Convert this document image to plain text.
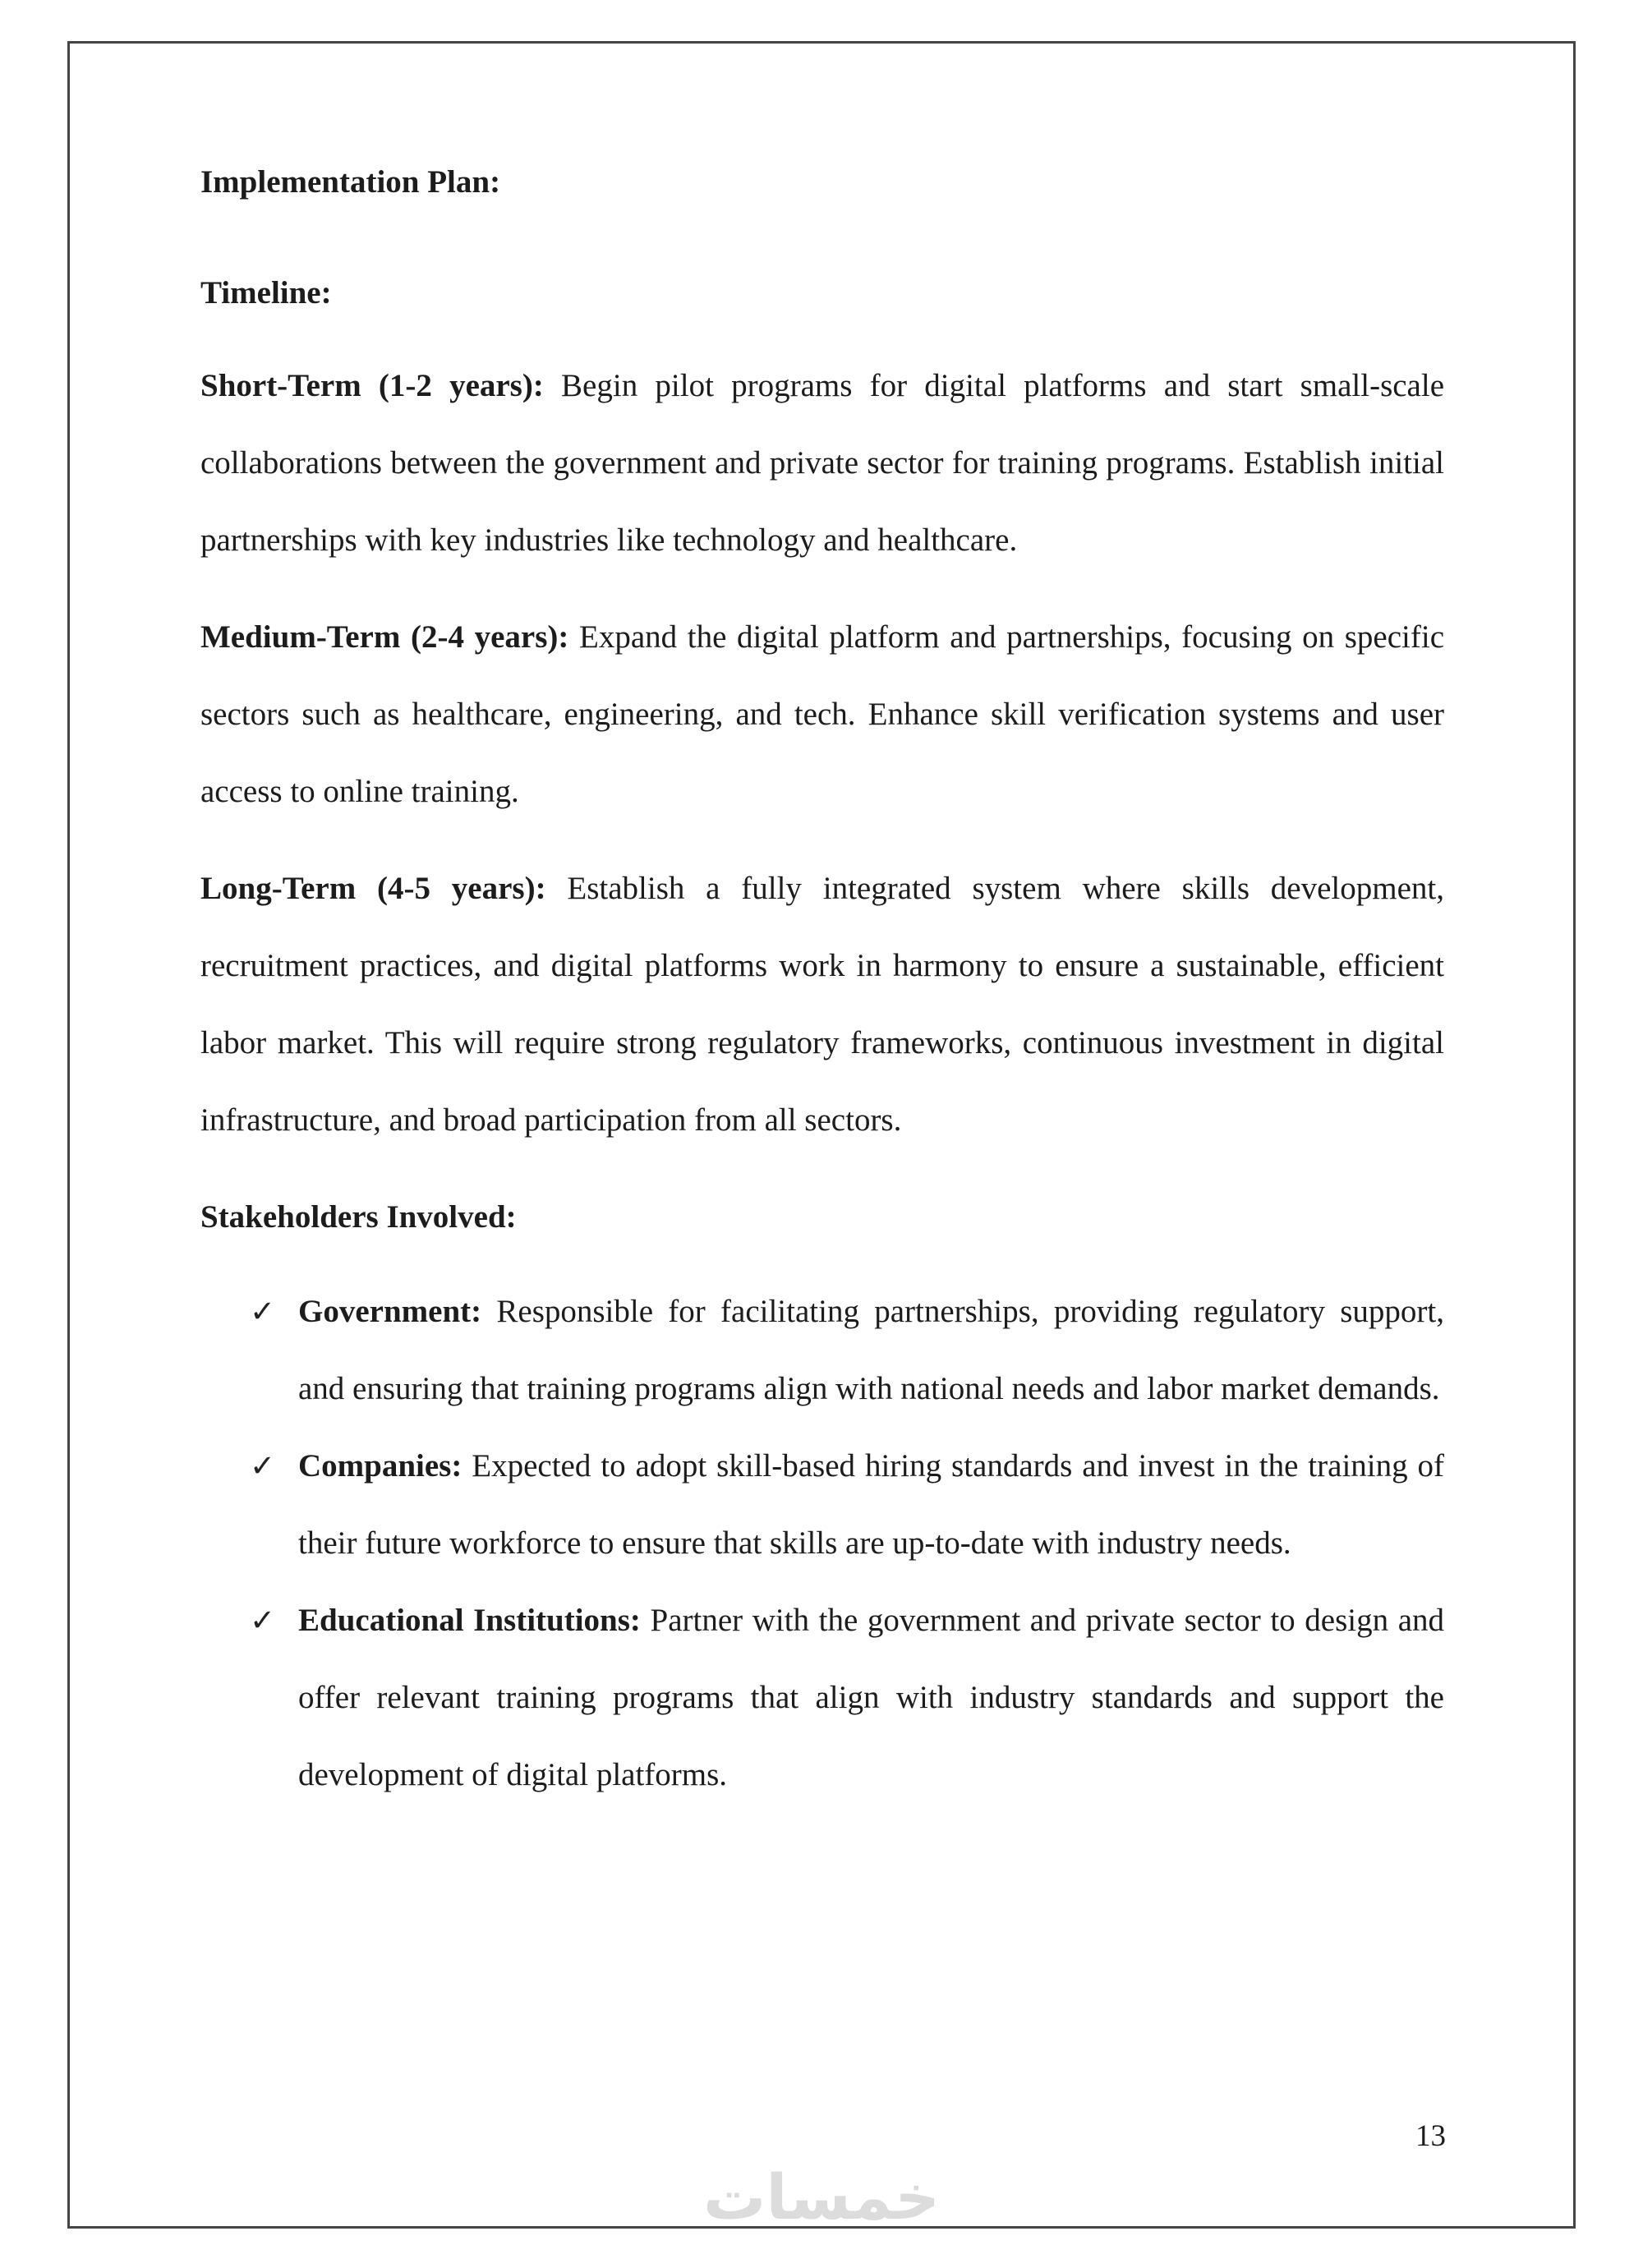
Implementation Plan:

Timeline:

Short-Term (1-2 years): Begin pilot programs for digital platforms and start small-scale collaborations between the government and private sector for training programs. Establish initial partnerships with key industries like technology and healthcare.

Medium-Term (2-4 years): Expand the digital platform and partnerships, focusing on specific sectors such as healthcare, engineering, and tech. Enhance skill verification systems and user access to online training.

Long-Term (4-5 years): Establish a fully integrated system where skills development, recruitment practices, and digital platforms work in harmony to ensure a sustainable, efficient labor market. This will require strong regulatory frameworks, continuous investment in digital infrastructure, and broad participation from all sectors.

Stakeholders Involved:

✓ Government: Responsible for facilitating partnerships, providing regulatory support, and ensuring that training programs align with national needs and labor market demands.
✓ Companies: Expected to adopt skill-based hiring standards and invest in the training of their future workforce to ensure that skills are up-to-date with industry needs.
✓ Educational Institutions: Partner with the government and private sector to design and offer relevant training programs that align with industry standards and support the development of digital platforms.
13
خمسات
